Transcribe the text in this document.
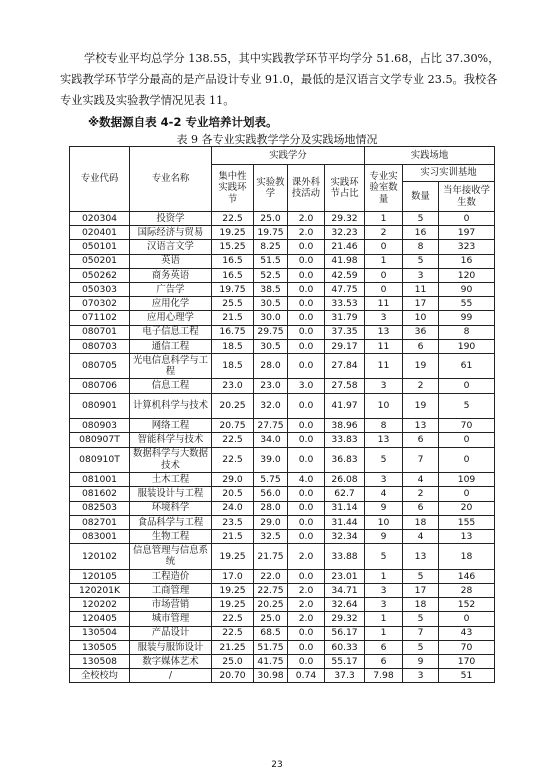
学校专业平均总学分 138.55，其中实践教学环节平均学分 51.68，占比 37.30%，实践教学环节学分最高的是产品设计专业 91.0，最低的是汉语言文学专业 23.5。我校各专业实践及实验教学情况见表 11。

※数据源自表 4-2 专业培养计划表。

表 9 各专业实践教学学分及实践场地情况

专业代码	专业名称	实践学分				实践场地		
		集中性实践环节	实验教学	课外科技活动	实践环节占比	专业实验室数量	实习实训基地	
							数量	当年接收学生数
020304	投资学	22.5	25.0	2.0	29.32	1	5	0
020401	国际经济与贸易	19.25	19.75	2.0	32.23	2	16	197
050101	汉语言文学	15.25	8.25	0.0	21.46	0	8	323
050201	英语	16.5	51.5	0.0	41.98	1	5	16
050262	商务英语	16.5	52.5	0.0	42.59	0	3	120
050303	广告学	19.75	38.5	0.0	47.75	0	11	90
070302	应用化学	25.5	30.5	0.0	33.53	11	17	55
071102	应用心理学	21.5	30.0	0.0	31.79	3	10	99
080701	电子信息工程	16.75	29.75	0.0	37.35	13	36	8
080703	通信工程	18.5	30.5	0.0	29.17	11	6	190
080705	光电信息科学与工程	18.5	28.0	0.0	27.84	11	19	61
080706	信息工程	23.0	23.0	3.0	27.58	3	2	0
080901	计算机科学与技术	20.25	32.0	0.0	41.97	10	19	5
080903	网络工程	20.75	27.75	0.0	38.96	8	13	70
080907T	智能科学与技术	22.5	34.0	0.0	33.83	13	6	0
080910T	数据科学与大数据技术	22.5	39.0	0.0	36.83	5	7	0
081001	土木工程	29.0	5.75	4.0	26.08	3	4	109
081602	服装设计与工程	20.5	56.0	0.0	62.7	4	2	0
082503	环境科学	24.0	28.0	0.0	31.14	9	6	20
082701	食品科学与工程	23.5	29.0	0.0	31.44	10	18	155
083001	生物工程	21.5	32.5	0.0	32.34	9	4	13
120102	信息管理与信息系统	19.25	21.75	2.0	33.88	5	13	18
120105	工程造价	17.0	22.0	0.0	23.01	1	5	146
120201K	工商管理	19.25	22.75	2.0	34.71	3	17	28
120202	市场营销	19.25	20.25	2.0	32.64	3	18	152
120405	城市管理	22.5	25.0	2.0	29.32	1	5	0
130504	产品设计	22.5	68.5	0.0	56.17	1	7	43
130505	服装与服饰设计	21.25	51.75	0.0	60.33	6	5	70
130508	数字媒体艺术	25.0	41.75	0.0	55.17	6	9	170
全校校均	/	20.70	30.98	0.74	37.3	7.98	3	51
23
